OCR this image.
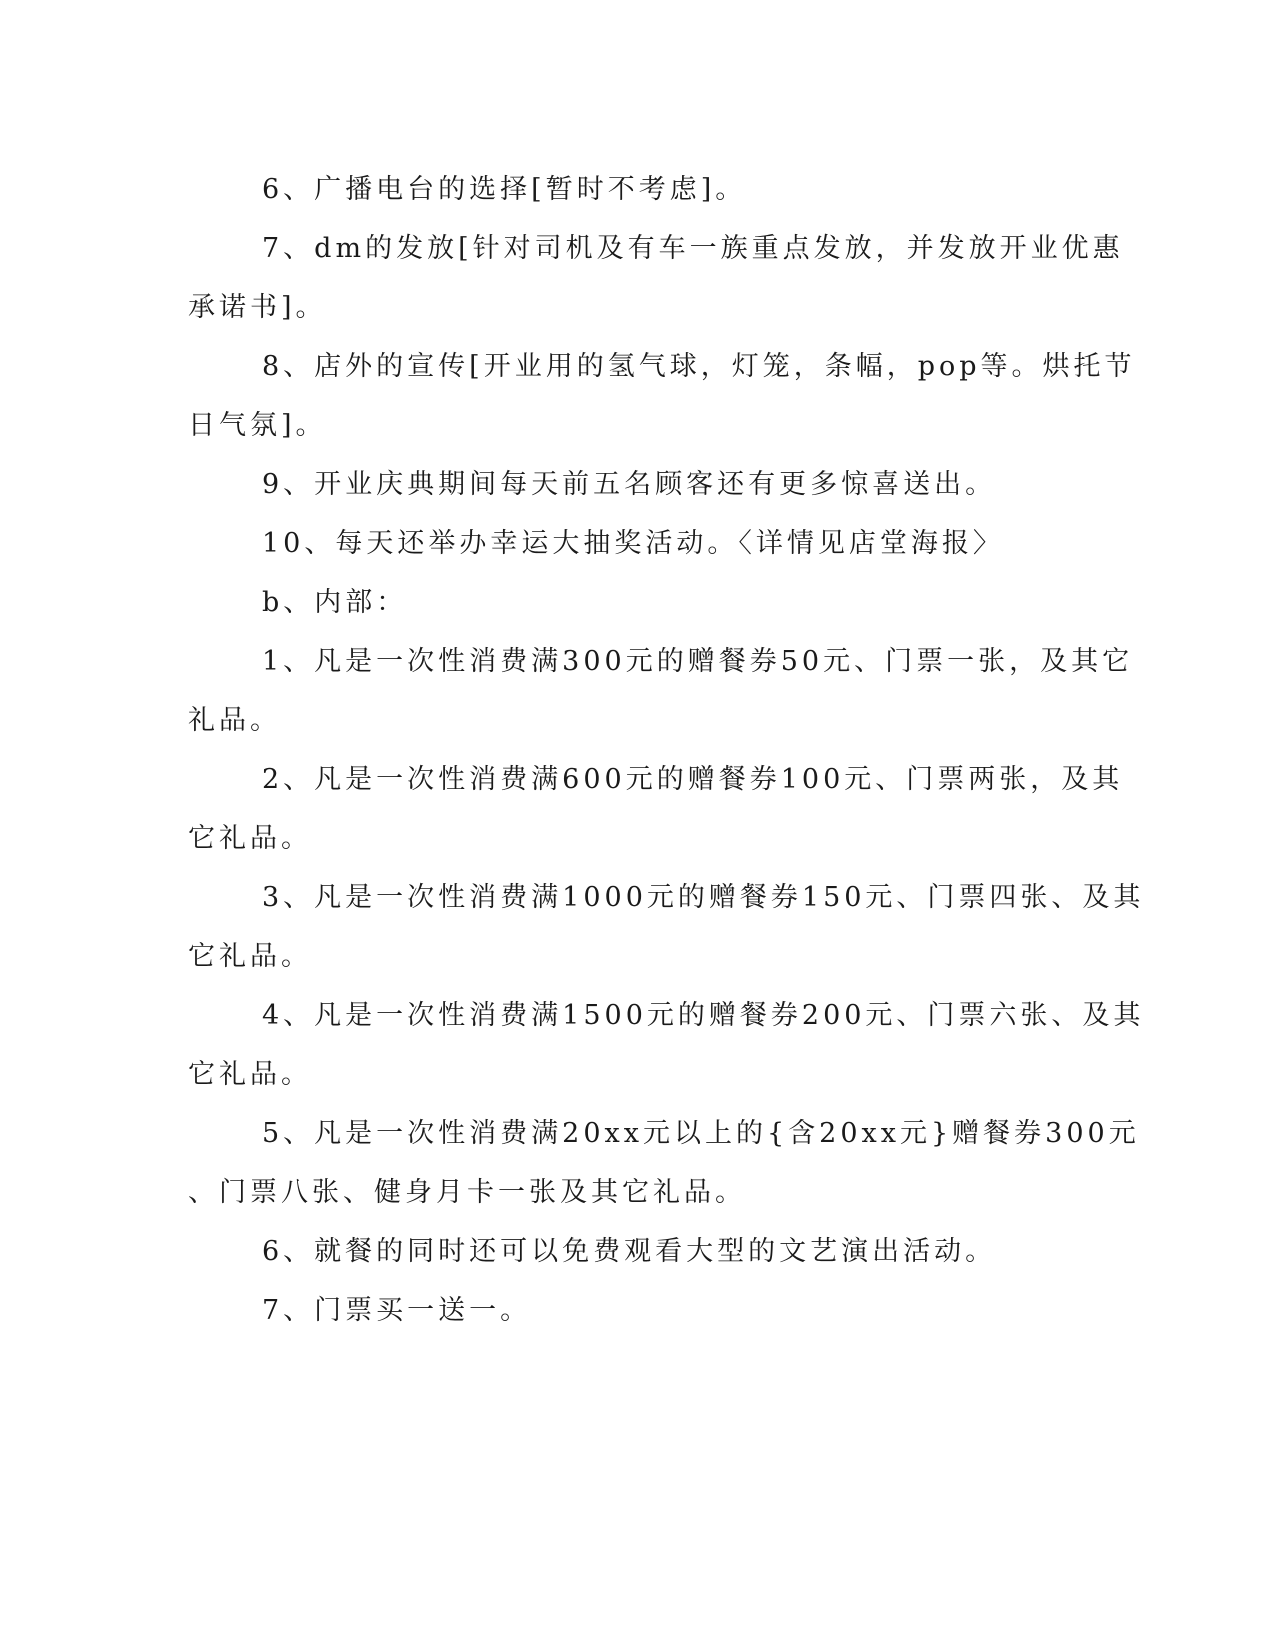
6、广播电台的选择[暂时不考虑]。
7、dm的发放[针对司机及有车一族重点发放，并发放开业优惠
承诺书]。
8、店外的宣传[开业用的氢气球，灯笼，条幅，pop等。烘托节
日气氛]。
9、开业庆典期间每天前五名顾客还有更多惊喜送出。
10、每天还举办幸运大抽奖活动。〈详情见店堂海报〉
b、内部：
1、凡是一次性消费满300元的赠餐券50元、门票一张，及其它
礼品。
2、凡是一次性消费满600元的赠餐券100元、门票两张，及其
它礼品。
3、凡是一次性消费满1000元的赠餐券150元、门票四张、及其
它礼品。
4、凡是一次性消费满1500元的赠餐券200元、门票六张、及其
它礼品。
5、凡是一次性消费满20xx元以上的{含20xx元}赠餐券300元
、门票八张、健身月卡一张及其它礼品。
6、就餐的同时还可以免费观看大型的文艺演出活动。
7、门票买一送一。
